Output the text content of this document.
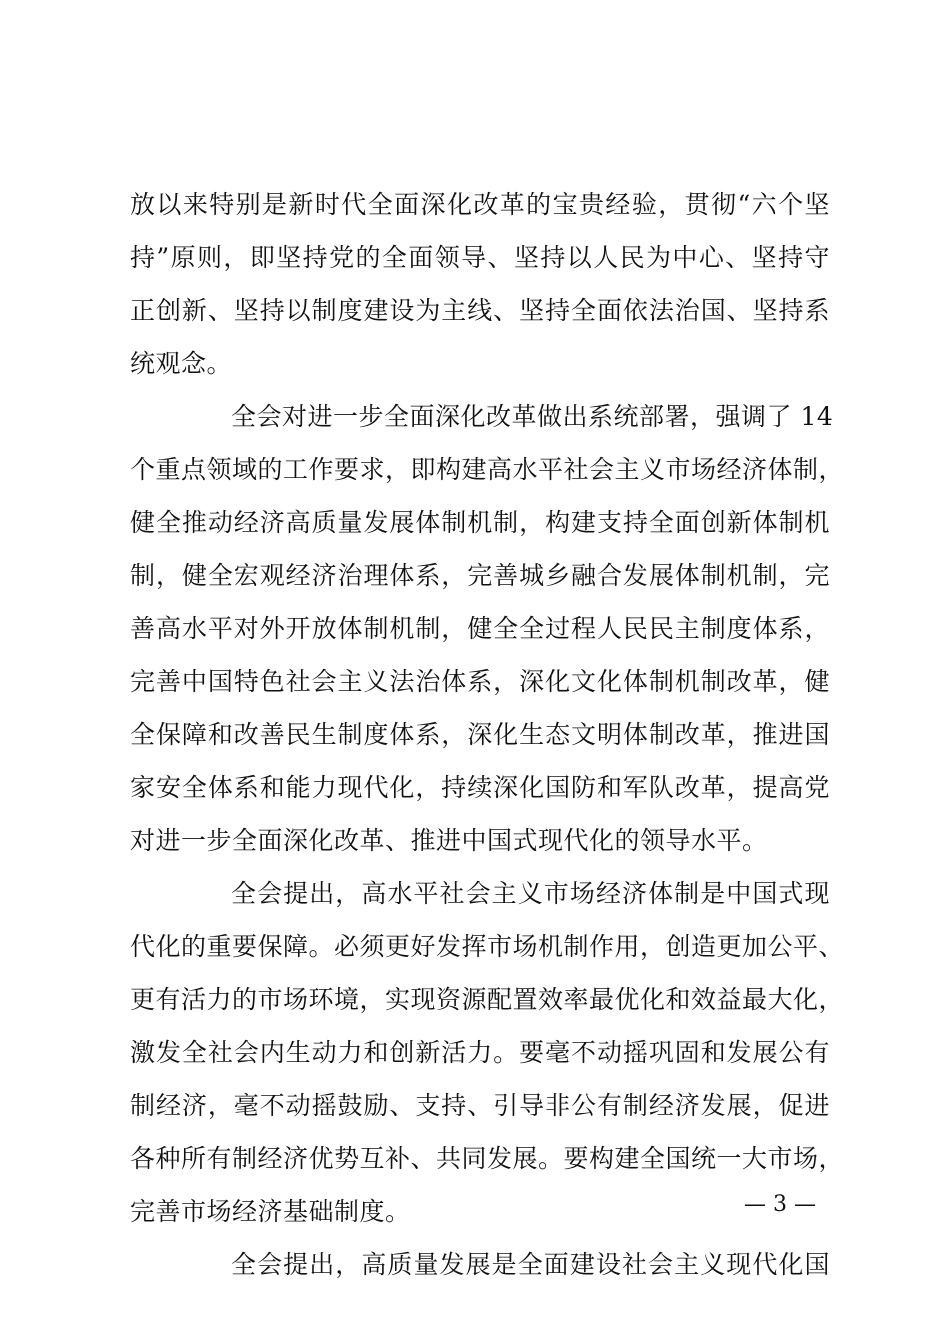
放以来特别是新时代全面深化改革的宝贵经验，贯彻“六个坚
持”原则，即坚持党的全面领导、坚持以人民为中心、坚持守
正创新、坚持以制度建设为主线、坚持全面依法治国、坚持系
统观念。
全会对进一步全面深化改革做出系统部署，强调了 14
个重点领域的工作要求，即构建高水平社会主义市场经济体制，
健全推动经济高质量发展体制机制，构建支持全面创新体制机
制，健全宏观经济治理体系，完善城乡融合发展体制机制，完
善高水平对外开放体制机制，健全全过程人民民主制度体系，
完善中国特色社会主义法治体系，深化文化体制机制改革，健
全保障和改善民生制度体系，深化生态文明体制改革，推进国
家安全体系和能力现代化，持续深化国防和军队改革，提高党
对进一步全面深化改革、推进中国式现代化的领导水平。
全会提出，高水平社会主义市场经济体制是中国式现
代化的重要保障。必须更好发挥市场机制作用，创造更加公平、
更有活力的市场环境，实现资源配置效率最优化和效益最大化，
激发全社会内生动力和创新活力。要毫不动摇巩固和发展公有
制经济，毫不动摇鼓励、支持、引导非公有制经济发展，促进
各种所有制经济优势互补、共同发展。要构建全国统一大市场，
完善市场经济基础制度。
全会提出，高质量发展是全面建设社会主义现代化国
— 3 —
